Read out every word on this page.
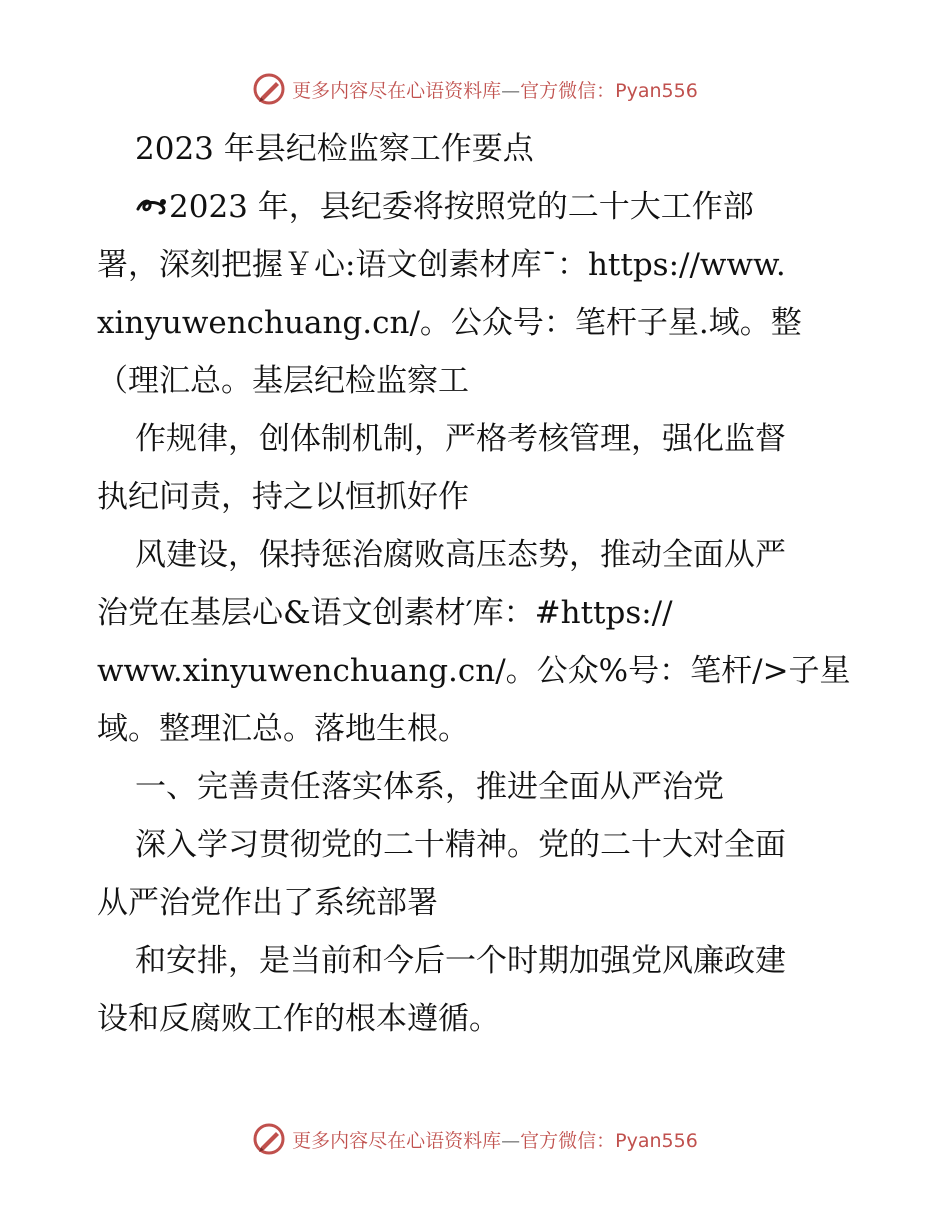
更多内容尽在心语资料库—官方微信：Pyan556
2023 年县纪检监察工作要点
2023 年，县纪委将按照党的二十大工作部
署，深刻把握￥心:语文创素材库¯：https://www.
xinyuwenchuang.cn/。公众号：笔杆子星.域。整
（理汇总。基层纪检监察工
作规律，创体制机制，严格考核管理，强化监督
执纪问责，持之以恒抓好作
风建设，保持惩治腐败高压态势，推动全面从严
治党在基层心&语文创素材′库：#https://
www.xinyuwenchuang.cn/。公众%号：笔杆/>子星
域。整理汇总。落地生根。
一、完善责任落实体系，推进全面从严治党
深入学习贯彻党的二十精神。党的二十大对全面
从严治党作出了系统部署
和安排，是当前和今后一个时期加强党风廉政建
设和反腐败工作的根本遵循。
更多内容尽在心语资料库—官方微信：Pyan556
